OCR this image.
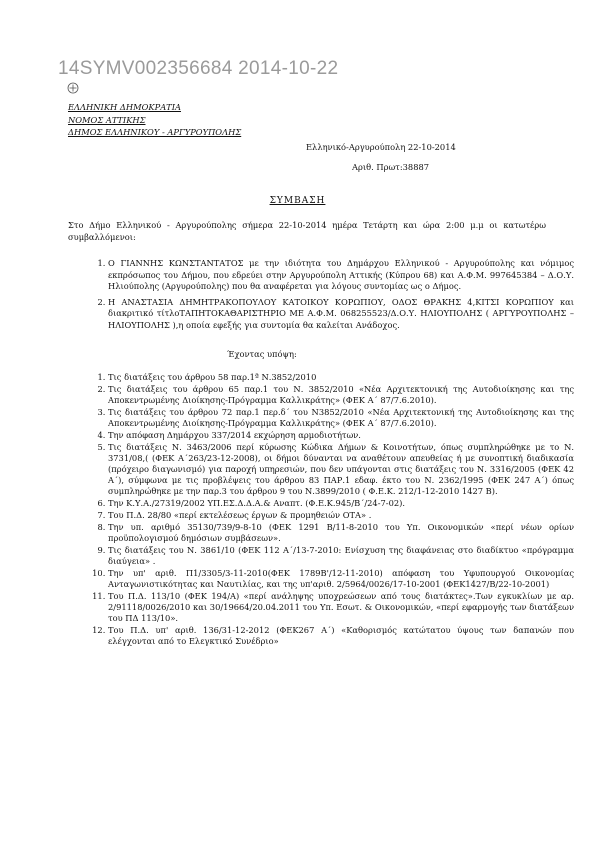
14SYMV002356684 2014-10-22
ΕΛΛΗΝΙΚΗ ΔΗΜΟΚΡΑΤΙΑ
ΝΟΜΟΣ ΑΤΤΙΚΗΣ
ΔΗΜΟΣ ΕΛΛΗΝΙΚΟΥ - ΑΡΓΥΡΟΥΠΟΛΗΣ
Ελληνικό-Αργυρούπολη 22-10-2014
Αριθ. Πρωτ:38887
ΣΥΜΒΑΣΗ
Στο Δήμο Ελληνικού - Αργυρούπολης σήμερα 22-10-2014 ημέρα Τετάρτη και ώρα 2:00 μ.μ οι κατωτέρω συμβαλλόμενοι:
1. Ο ΓΙΑΝΝΗΣ ΚΩΝΣΤΑΝΤΑΤΟΣ με την ιδιότητα του Δημάρχου Ελληνικού - Αργυρούπολης και νόμιμος εκπρόσωπος του Δήμου, που εδρεύει στην Αργυρούπολη Αττικής (Κύπρου 68) και Α.Φ.Μ. 997645384 – Δ.Ο.Υ. Ηλιούπολης (Αργυρούπολης) που θα αναφέρεται για λόγους συντομίας ως ο Δήμος.
2. Η ΑΝΑΣΤΑΣΙΑ ΔΗΜΗΤΡΑΚΟΠΟΥΛΟΥ ΚΑΤΟΙΚΟΥ ΚΟΡΩΠΙΟΥ, ΟΔΟΣ ΘΡΑΚΗΣ 4,ΚΙΤΣΙ ΚΟΡΩΠΙΟΥ και διακριτικό τίτλοΤΑΠΗΤΟΚΑΘΑΡΙΣΤΗΡΙΟ ΜΕ Α.Φ.Μ. 068255523/Δ.Ο.Υ. ΗΛΙΟΥΠΟΛΗΣ ( ΑΡΓΥΡΟΥΠΟΛΗΣ – ΗΛΙΟΥΠΟΛΗΣ ),η οποία εφεξής για συντομία θα καλείται Ανάδοχος.
Έχοντας υπόψη:
1. Τις διατάξεις του άρθρου 58 παρ.1ª Ν.3852/2010
2. Τις διατάξεις του άρθρου 65 παρ.1 του Ν. 3852/2010 «Νέα Αρχιτεκτονική της Αυτοδιοίκησης και της Αποκεντρωμένης Διοίκησης-Πρόγραμμα Καλλικράτης» (ΦΕΚ Α΄ 87/7.6.2010).
3. Τις διατάξεις του άρθρου 72 παρ.1 περ.δ΄ του Ν3852/2010 «Νέα Αρχιτεκτονική της Αυτοδιοίκησης και της Αποκεντρωμένης Διοίκησης-Πρόγραμμα Καλλικράτης» (ΦΕΚ Α΄ 87/7.6.2010).
4. Την απόφαση Δημάρχου 337/2014 εκχώρηση αρμοδιοτήτων.
5. Τις διατάξεις Ν. 3463/2006 περί κύρωσης Κώδικα Δήμων & Κοινοτήτων, όπως συμπληρώθηκε με το Ν. 3731/08,( (ΦΕΚ Α΄263/23-12-2008), οι δήμοι δύνανται να αναθέτουν απευθείας ή με συνοπτική διαδικασία (πρόχειρο διαγωνισμό) για παροχή υπηρεσιών, που δεν υπάγονται στις διατάξεις του Ν. 3316/2005 (ΦΕΚ 42 Α΄), σύμφωνα με τις προβλέψεις του άρθρου 83 ΠΑΡ.1 εδαφ. έκτο του Ν. 2362/1995 (ΦΕΚ 247 Α΄) όπως συμπληρώθηκε με την παρ.3 του άρθρου 9 του Ν.3899/2010 ( Φ.Ε.Κ. 212/1-12-2010 1427 Β).
6. Την Κ.Υ.Α./27319/2002 ΥΠ.ΕΣ.Δ.Δ.Α.& Αναπτ. (Φ.Ε.Κ.945/Β΄/24-7-02).
7. Του Π.Δ. 28/80 «περί εκτελέσεως έργων & προμηθειών ΟΤΑ» .
8. Την υπ. αριθμό 35130/739/9-8-10 (ΦΕΚ 1291 Β/11-8-2010 του Υπ. Οικονομικών «περί νέων ορίων προϋπολογισμού δημόσιων συμβάσεων».
9. Τις διατάξεις του Ν. 3861/10 (ΦΕΚ 112 Α΄/13-7-2010: Ενίσχυση της διαφάνειας στο διαδίκτυο «πρόγραμμα διαύγεια» .
10. Την υπ' αριθ. Π1/3305/3-11-2010(ΦΕΚ 1789Β'/12-11-2010) απόφαση του Υφυπουργού Οικονομίας Ανταγωνιστικότητας και Ναυτιλίας, και της υπ'αριθ. 2/5964/0026/17-10-2001 (ΦΕΚ1427/Β/22-10-2001)
11. Του Π.Δ. 113/10 (ΦΕΚ 194/Α) «περί ανάληψης υποχρεώσεων από τους διατάκτες».Των εγκυκλίων με αρ. 2/91118/0026/2010 και 30/19664/20.04.2011 του Υπ. Εσωτ. & Οικονομικών, «περί εφαρμογής των διατάξεων του ΠΔ 113/10».
12. Του Π.Δ. υπ' αριθ. 136/31-12-2012 (ΦΕΚ267 Α΄) «Καθορισμός κατώτατου ύψους των δαπανών που ελέγχονται από το Ελεγκτικό Συνέδριο»
